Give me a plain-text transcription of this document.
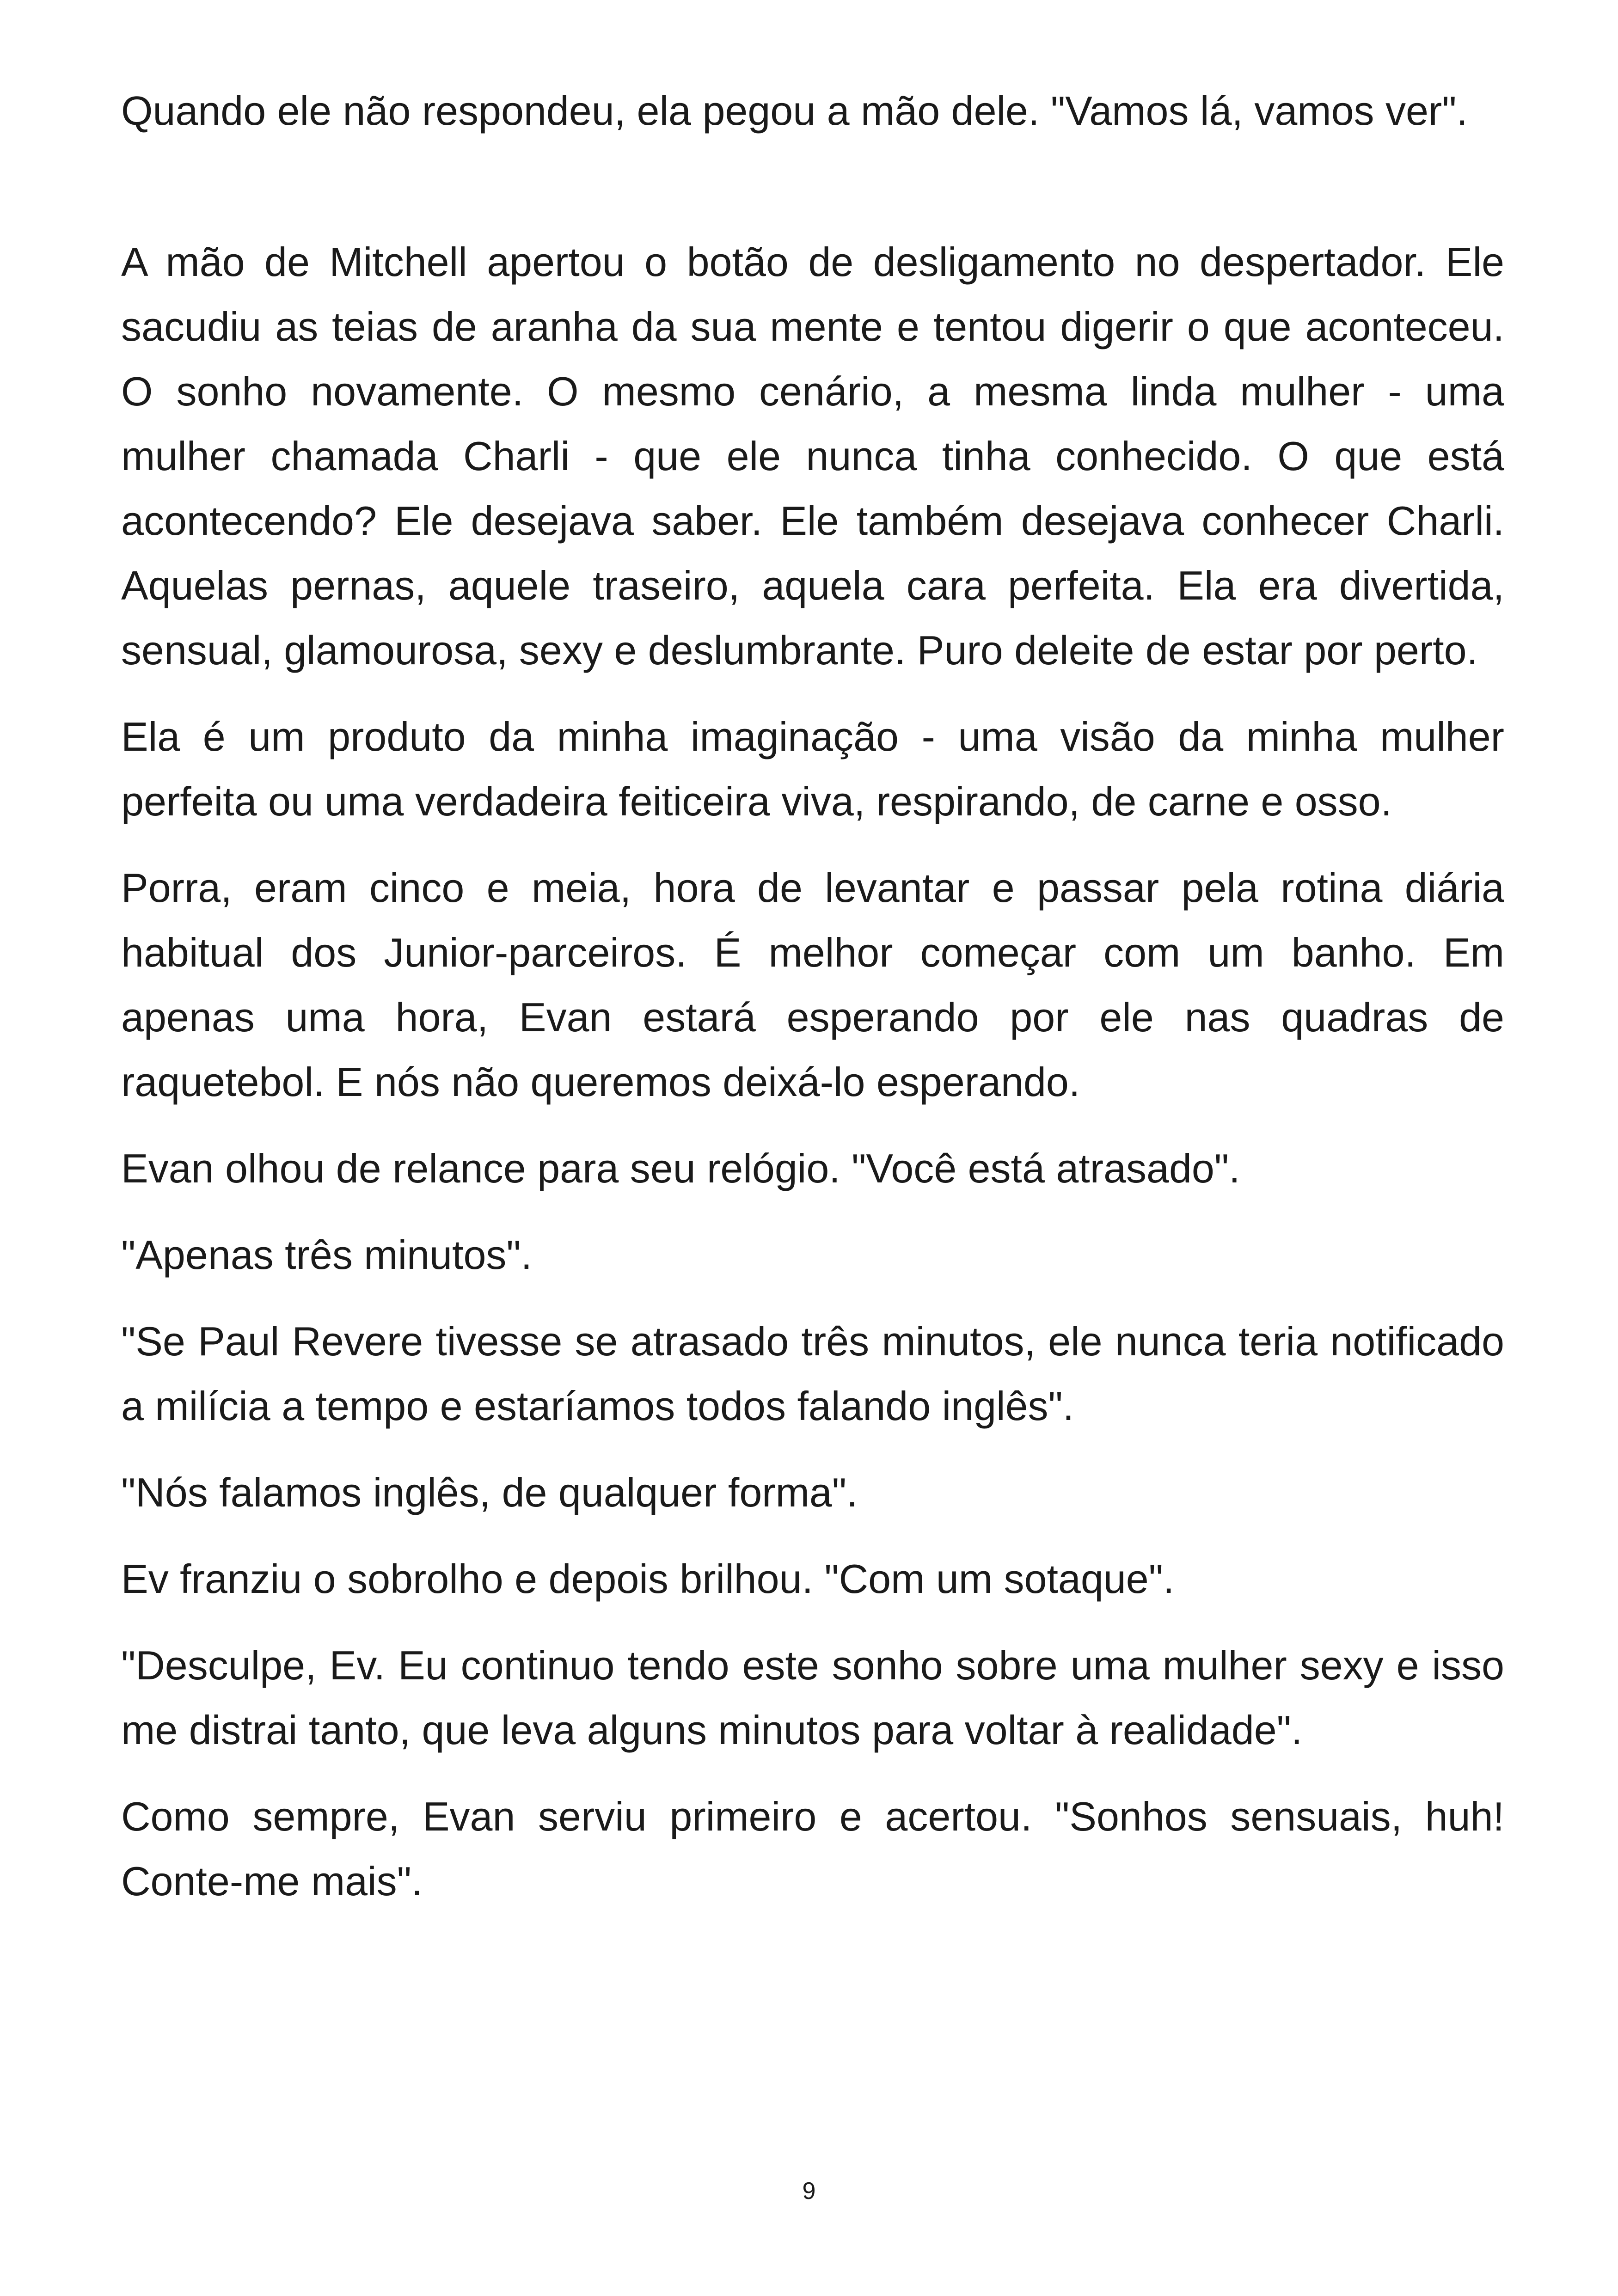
Quando ele não respondeu, ela pegou a mão dele. "Vamos lá, vamos ver".

A mão de Mitchell apertou o botão de desligamento no despertador. Ele sacudiu as teias de aranha da sua mente e tentou digerir o que aconteceu. O sonho novamente. O mesmo cenário, a mesma linda mulher - uma mulher chamada Charli - que ele nunca tinha conhecido. O que está acontecendo? Ele desejava saber. Ele também desejava conhecer Charli. Aquelas pernas, aquele traseiro, aquela cara perfeita. Ela era divertida, sensual, glamourosa, sexy e deslumbrante. Puro deleite de estar por perto.

Ela é um produto da minha imaginação - uma visão da minha mulher perfeita ou uma verdadeira feiticeira viva, respirando, de carne e osso.

Porra, eram cinco e meia, hora de levantar e passar pela rotina diária habitual dos Junior-parceiros. É melhor começar com um banho. Em apenas uma hora, Evan estará esperando por ele nas quadras de raquetebol. E nós não queremos deixá-lo esperando.

Evan olhou de relance para seu relógio. "Você está atrasado".

"Apenas três minutos".

"Se Paul Revere tivesse se atrasado três minutos, ele nunca teria notificado a milícia a tempo e estaríamos todos falando inglês".

"Nós falamos inglês, de qualquer forma".

Ev franziu o sobrolho e depois brilhou. "Com um sotaque".

"Desculpe, Ev. Eu continuo tendo este sonho sobre uma mulher sexy e isso me distrai tanto, que leva alguns minutos para voltar à realidade".

Como sempre, Evan serviu primeiro e acertou. "Sonhos sensuais, huh! Conte-me mais".

9
